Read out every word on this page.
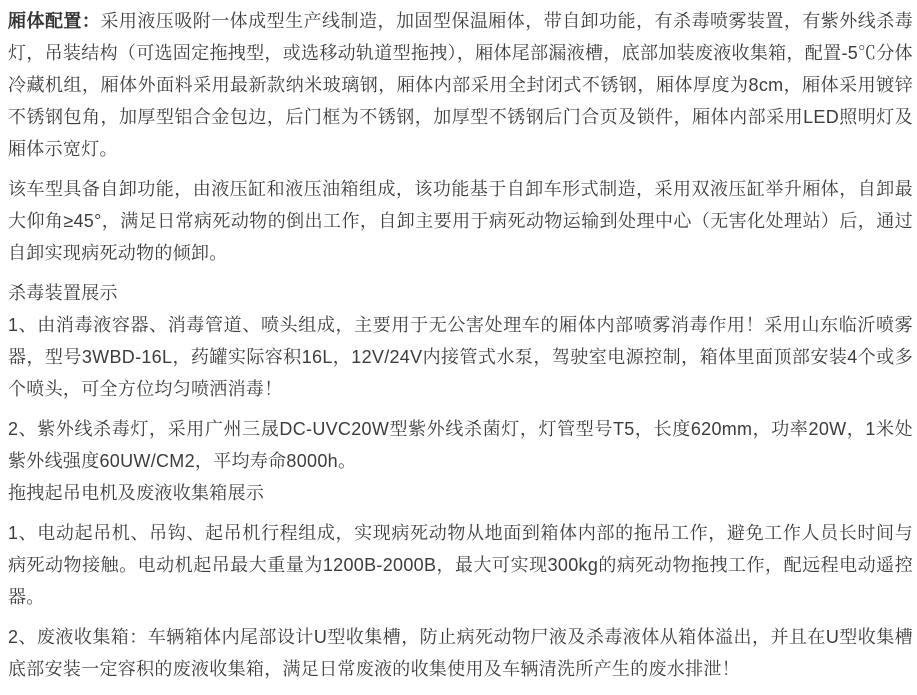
厢体配置：采用液压吸附一体成型生产线制造，加固型保温厢体，带自卸功能，有杀毒喷雾装置，有紫外线杀毒灯，吊装结构（可选固定拖拽型，或选移动轨道型拖拽），厢体尾部漏液槽，底部加装废液收集箱，配置-5℃分体冷藏机组，厢体外面料采用最新款纳米玻璃钢，厢体内部采用全封闭式不锈钢，厢体厚度为8cm，厢体采用镀锌不锈钢包角，加厚型铝合金包边，后门框为不锈钢，加厚型不锈钢后门合页及锁件，厢体内部采用LED照明灯及厢体示宽灯。

该车型具备自卸功能，由液压缸和液压油箱组成，该功能基于自卸车形式制造，采用双液压缸举升厢体，自卸最大仰角≥45°，满足日常病死动物的倒出工作，自卸主要用于病死动物运输到处理中心（无害化处理站）后，通过自卸实现病死动物的倾卸。

杀毒装置展示
1、由消毒液容器、消毒管道、喷头组成，主要用于无公害处理车的厢体内部喷雾消毒作用！采用山东临沂喷雾器，型号3WBD-16L，药罐实际容积16L，12V/24V内接管式水泵，驾驶室电源控制，箱体里面顶部安装4个或多个喷头，可全方位均匀喷洒消毒！
2、紫外线杀毒灯，采用广州三晟DC-UVC20W型紫外线杀菌灯，灯管型号T5，长度620mm，功率20W，1米处紫外线强度60UW/CM2，平均寿命8000h。
拖拽起吊电机及废液收集箱展示

1、电动起吊机、吊钩、起吊机行程组成，实现病死动物从地面到箱体内部的拖吊工作，避免工作人员长时间与病死动物接触。电动机起吊最大重量为1200B-2000B，最大可实现300kg的病死动物拖拽工作，配远程电动遥控器。

2、废液收集箱：车辆箱体内尾部设计U型收集槽，防止病死动物尸液及杀毒液体从箱体溢出，并且在U型收集槽底部安装一定容积的废液收集箱，满足日常废液的收集使用及车辆清洗所产生的废水排泄！
